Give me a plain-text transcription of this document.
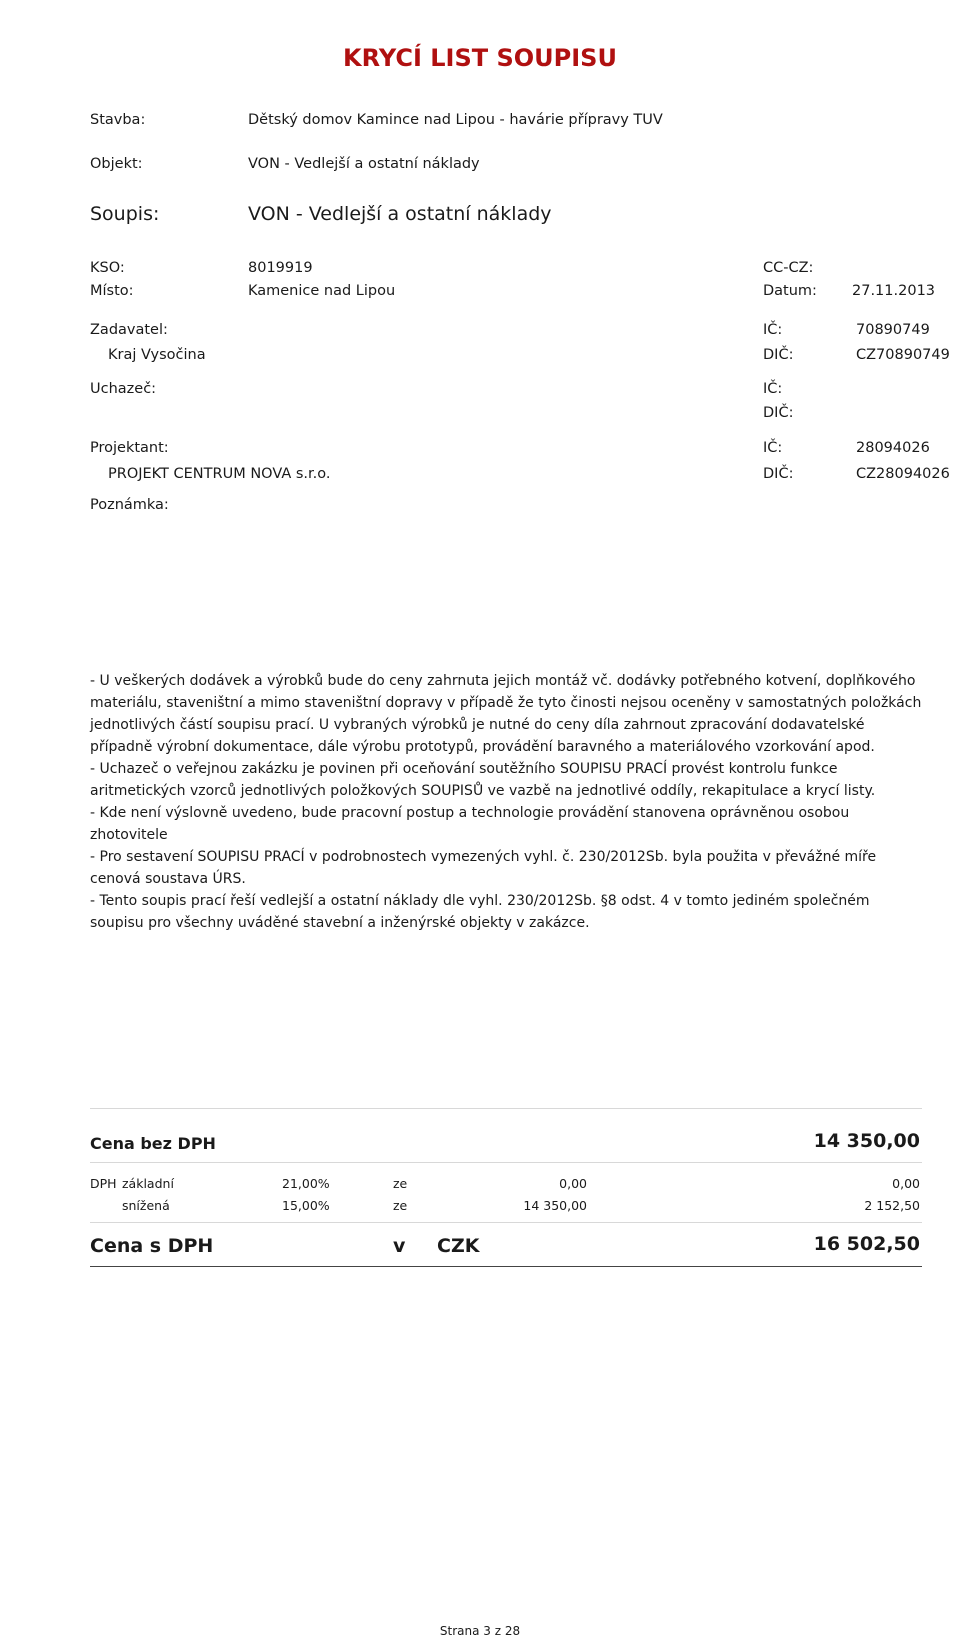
KRYCÍ LIST SOUPISU
Stavba:	Dětský domov Kaminсe nad Lipou - havárie přípravy TUV
Objekt:	VON - Vedlejší a ostatní náklady
Soupis:	VON - Vedlejší a ostatní náklady
KSO:	8019919	CC-CZ:
Místo:	Kamenice nad Lipou	Datum: 27.11.2013
Zadavatel:	IČ:	70890749
Kraj Vysočina	DIČ:	CZ70890749
Uchazeč:	IČ:
DIČ:
Projektant:	IČ:	28094026
PROJEKT CENTRUM NOVA s.r.o.	DIČ:	CZ28094026
Poznámka:

- U veškerých dodávek a výrobků bude do ceny zahrnuta jejich montáž vč. dodávky potřebného kotvení, doplňkového materiálu, staveništní a mimo staveništní dopravy v případě že tyto činosti nejsou oceněny v samostatných položkách jednotlivých částí soupisu prací. U vybraných výrobků je nutné do ceny díla zahrnout zpracování dodavatelské případně výrobní dokumentace, dále výrobu prototypů, provádění baravného a materiálového vzorkování apod.

- Uchazeč o veřejnou zakázku je povinen při oceňování soutěžního SOUPISU PRACÍ provést kontrolu funkce aritmetických vzorců jednotlivých položkových SOUPISŮ ve vazbě na jednotlivé oddíly, rekapitulace a krycí listy.

- Kde není výslovně uvedeno, bude pracovní postup a technologie provádění stanovena oprávněnou osobou zhotovitele

- Pro sestavení SOUPISU PRACÍ v podrobnostech vymezených vyhl. č. 230/2012Sb. byla použita v převážné míře cenová soustava ÚRS.

- Tento soupis prací řeší vedlejší a ostatní náklady dle vyhl. 230/2012Sb. §8 odst. 4 v tomto jediném společném soupisu pro všechny uváděné stavební a inženýrské objekty v zakázce.

Cena bez DPH	14 350,00
DPH základní	21,00%	ze	0,00	0,00
snížená	15,00%	ze	14 350,00	2 152,50
Cena s DPH	v CZK	16 502,50
Strana 3 z 28
